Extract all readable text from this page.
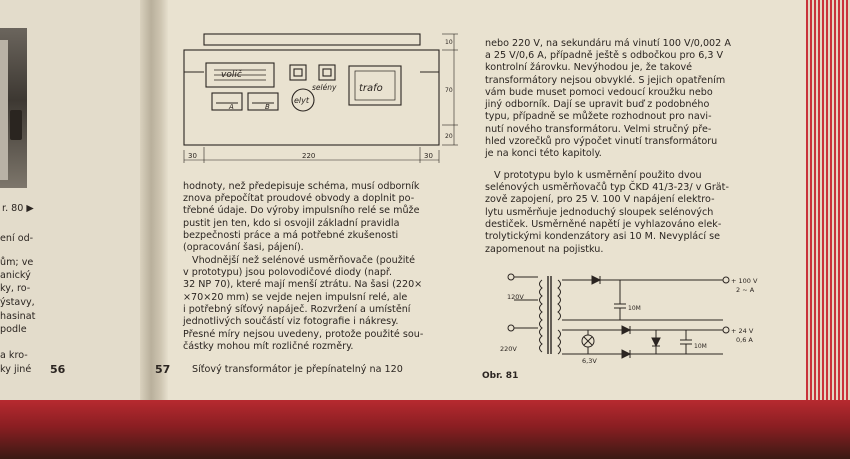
r. 80 ▶
ení od-
ům; ve
anický
ky, ro-
ýstavy,
hasinat
podle
a kro-
ky jiné 56
volič
selény trafo
elyt
A	B
30	220	30
10
70
20
hodnoty, než předepisuje schéma, musí odborník
znova přepočítat proudové obvody a doplnit po-
třebné údaje. Do výroby impulsního relé se může
pustit jen ten, kdo si osvojil základní pravidla
bezpečnosti práce a má potřebné zkušenosti
(opracování šasi, pájení).
Vhodnější než selénové usměrňovače (použité
v prototypu) jsou polovodičové diody (např.
32 NP 70), které mají menší ztrátu. Na šasi (220×
×70×20 mm) se vejde nejen impulsní relé, ale
i potřebný síťový napáječ. Rozvržení a umístění
jednotlivých součástí viz fotografie i nákresy.
Přesné míry nejsou uvedeny, protože použité sou-
částky mohou mít rozličné rozměry.
Síťový transformátor je přepínatelný na 120
57
nebo 220 V, na sekundáru má vinutí 100 V/0,002 A
a 25 V/0,6 A, případně ještě s odbočkou pro 6,3 V
kontrolní žárovku. Nevýhodou je, že takové
transformátory nejsou obvyklé. S jejich opatřením
vám bude muset pomoci vedoucí kroužku nebo
jiný odborník. Dají se upravit buď z podobného
typu, případně se můžete rozhodnout pro navi-
nutí nového transformátoru. Velmi stručný pře-
hled vzorečků pro výpočet vinutí transformátoru
je na konci této kapitoly.
V prototypu bylo k usměrnění použito dvou
selénových usměrňovačů typ ČKD 41/3-23/ v Grät-
zově zapojení, pro 25 V. 100 V napájení elektro-
lytu usměrňuje jednoduchý sloupek selénových
destiček. Usměrněné napětí je vyhlazováno elek-
trolytickými kondenzátory asi 10 M. Nevyplácí se
zapomenout na pojistku.
120V
220V
+ 100 V
2 ~ A
+ 24 V
0,6 A
6,3V
10M
10M
Obr. 81
